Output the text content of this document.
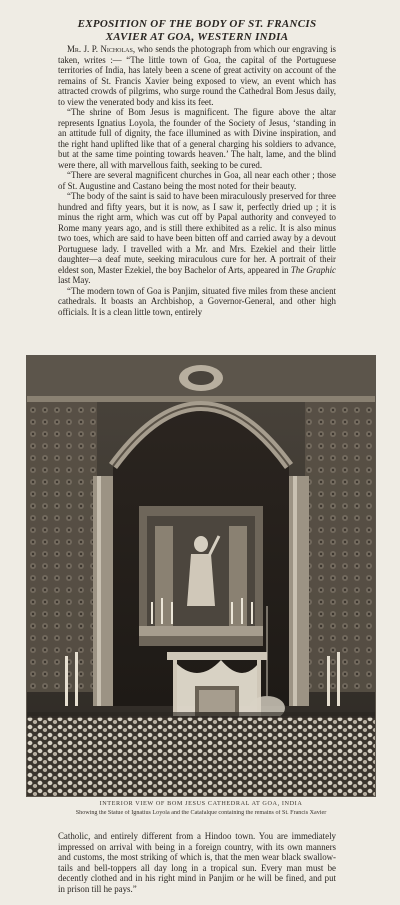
EXPOSITION OF THE BODY OF ST. FRANCIS XAVIER AT GOA, WESTERN INDIA

Mr. J. P. Nicholas, who sends the photograph from which our engraving is taken, writes :— “The little town of Goa, the capital of the Portuguese territories of India, has lately been a scene of great activity on account of the remains of St. Francis Xavier being exposed to view, an event which has attracted crowds of pilgrims, who surge round the Cathedral Bom Jesus daily, to view the venerated body and kiss its feet.

“The shrine of Bom Jesus is magnificent. The figure above the altar represents Ignatius Loyola, the founder of the Society of Jesus, ‘standing in an attitude full of dignity, the face illumined as with Divine inspiration, and the right hand uplifted like that of a general charging his soldiers to advance, but at the same time pointing towards heaven.’ The halt, lame, and the blind were there, all with marvellous faith, seeking to be cured.

“There are several magnificent churches in Goa, all near each other ; those of St. Augustine and Castano being the most noted for their beauty.

“The body of the saint is said to have been miraculously preserved for three hundred and fifty years, but it is now, as I saw it, perfectly dried up ; it is minus the right arm, which was cut off by Papal authority and conveyed to Rome many years ago, and is still there exhibited as a relic. It is also minus two toes, which are said to have been bitten off and carried away by a devout Portuguese lady. I travelled with a Mr. and Mrs. Ezekiel and their little daughter—a deaf mute, seeking miraculous cure for her. A portrait of their eldest son, Master Ezekiel, the boy Bachelor of Arts, appeared in The Graphic last May.

“The modern town of Goa is Panjim, situated five miles from these ancient cathedrals. It boasts an Archbishop, a Governor-General, and other high officials. It is a clean little town, entirely

INTERIOR VIEW OF BOM JESUS CATHEDRAL AT GOA, INDIA
Showing the Statue of Ignatius Loyola and the Catafalque containing the remains of St. Francis Xavier

Catholic, and entirely different from a Hindoo town. You are immediately impressed on arrival with being in a foreign country, with its own manners and customs, the most striking of which is, that the men wear black swallow-tails and bell-toppers all day long in a tropical sun. Every man must be decently clothed and in his right mind in Panjim or he will be fined, and put in prison till he pays.”
